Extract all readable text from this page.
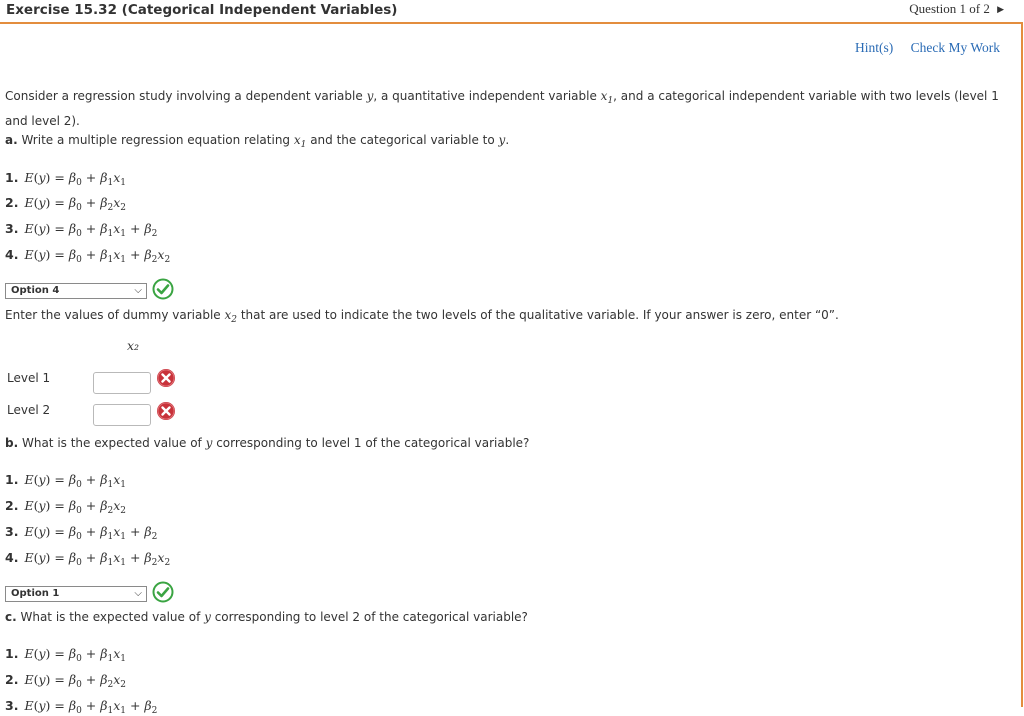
Exercise 15.32 (Categorical Independent Variables)	Question 1 of 2 ▶
Hint(s) Check My Work

Consider a regression study involving a dependent variable y, a quantitative independent variable $x_1$, and a categorical independent variable with two levels (level 1 and level 2).

a. Write a multiple regression equation relating $x_1$ and the categorical variable to y.
1. $E(y) = \beta_0 + \beta_1x_1$
2. $E(y) = \beta_0 + \beta_2x_2$
3. $E(y) = \beta_0 + \beta_1x_1 + \beta_2$
4. $E(y) = \beta_0 + \beta_1x_1 + \beta_2x_2$
Option 4	⌵
Enter the values of dummy variable $x_2$ that are used to indicate the two levels of the qualitative variable. If your answer is zero, enter “0”.
x₂
Level 1
Level 2
b. What is the expected value of y corresponding to level 1 of the categorical variable?
1. $E(y) = \beta_0 + \beta_1x_1$
2. $E(y) = \beta_0 + \beta_2x_2$
3. $E(y) = \beta_0 + \beta_1x_1 + \beta_2$
4. $E(y) = \beta_0 + \beta_1x_1 + \beta_2x_2$
Option 1	⌵
c. What is the expected value of y corresponding to level 2 of the categorical variable?
1. $E(y) = \beta_0 + \beta_1x_1$
2. $E(y) = \beta_0 + \beta_2x_2$
3. $E(y) = \beta_0 + \beta_1x_1 + \beta_2$
